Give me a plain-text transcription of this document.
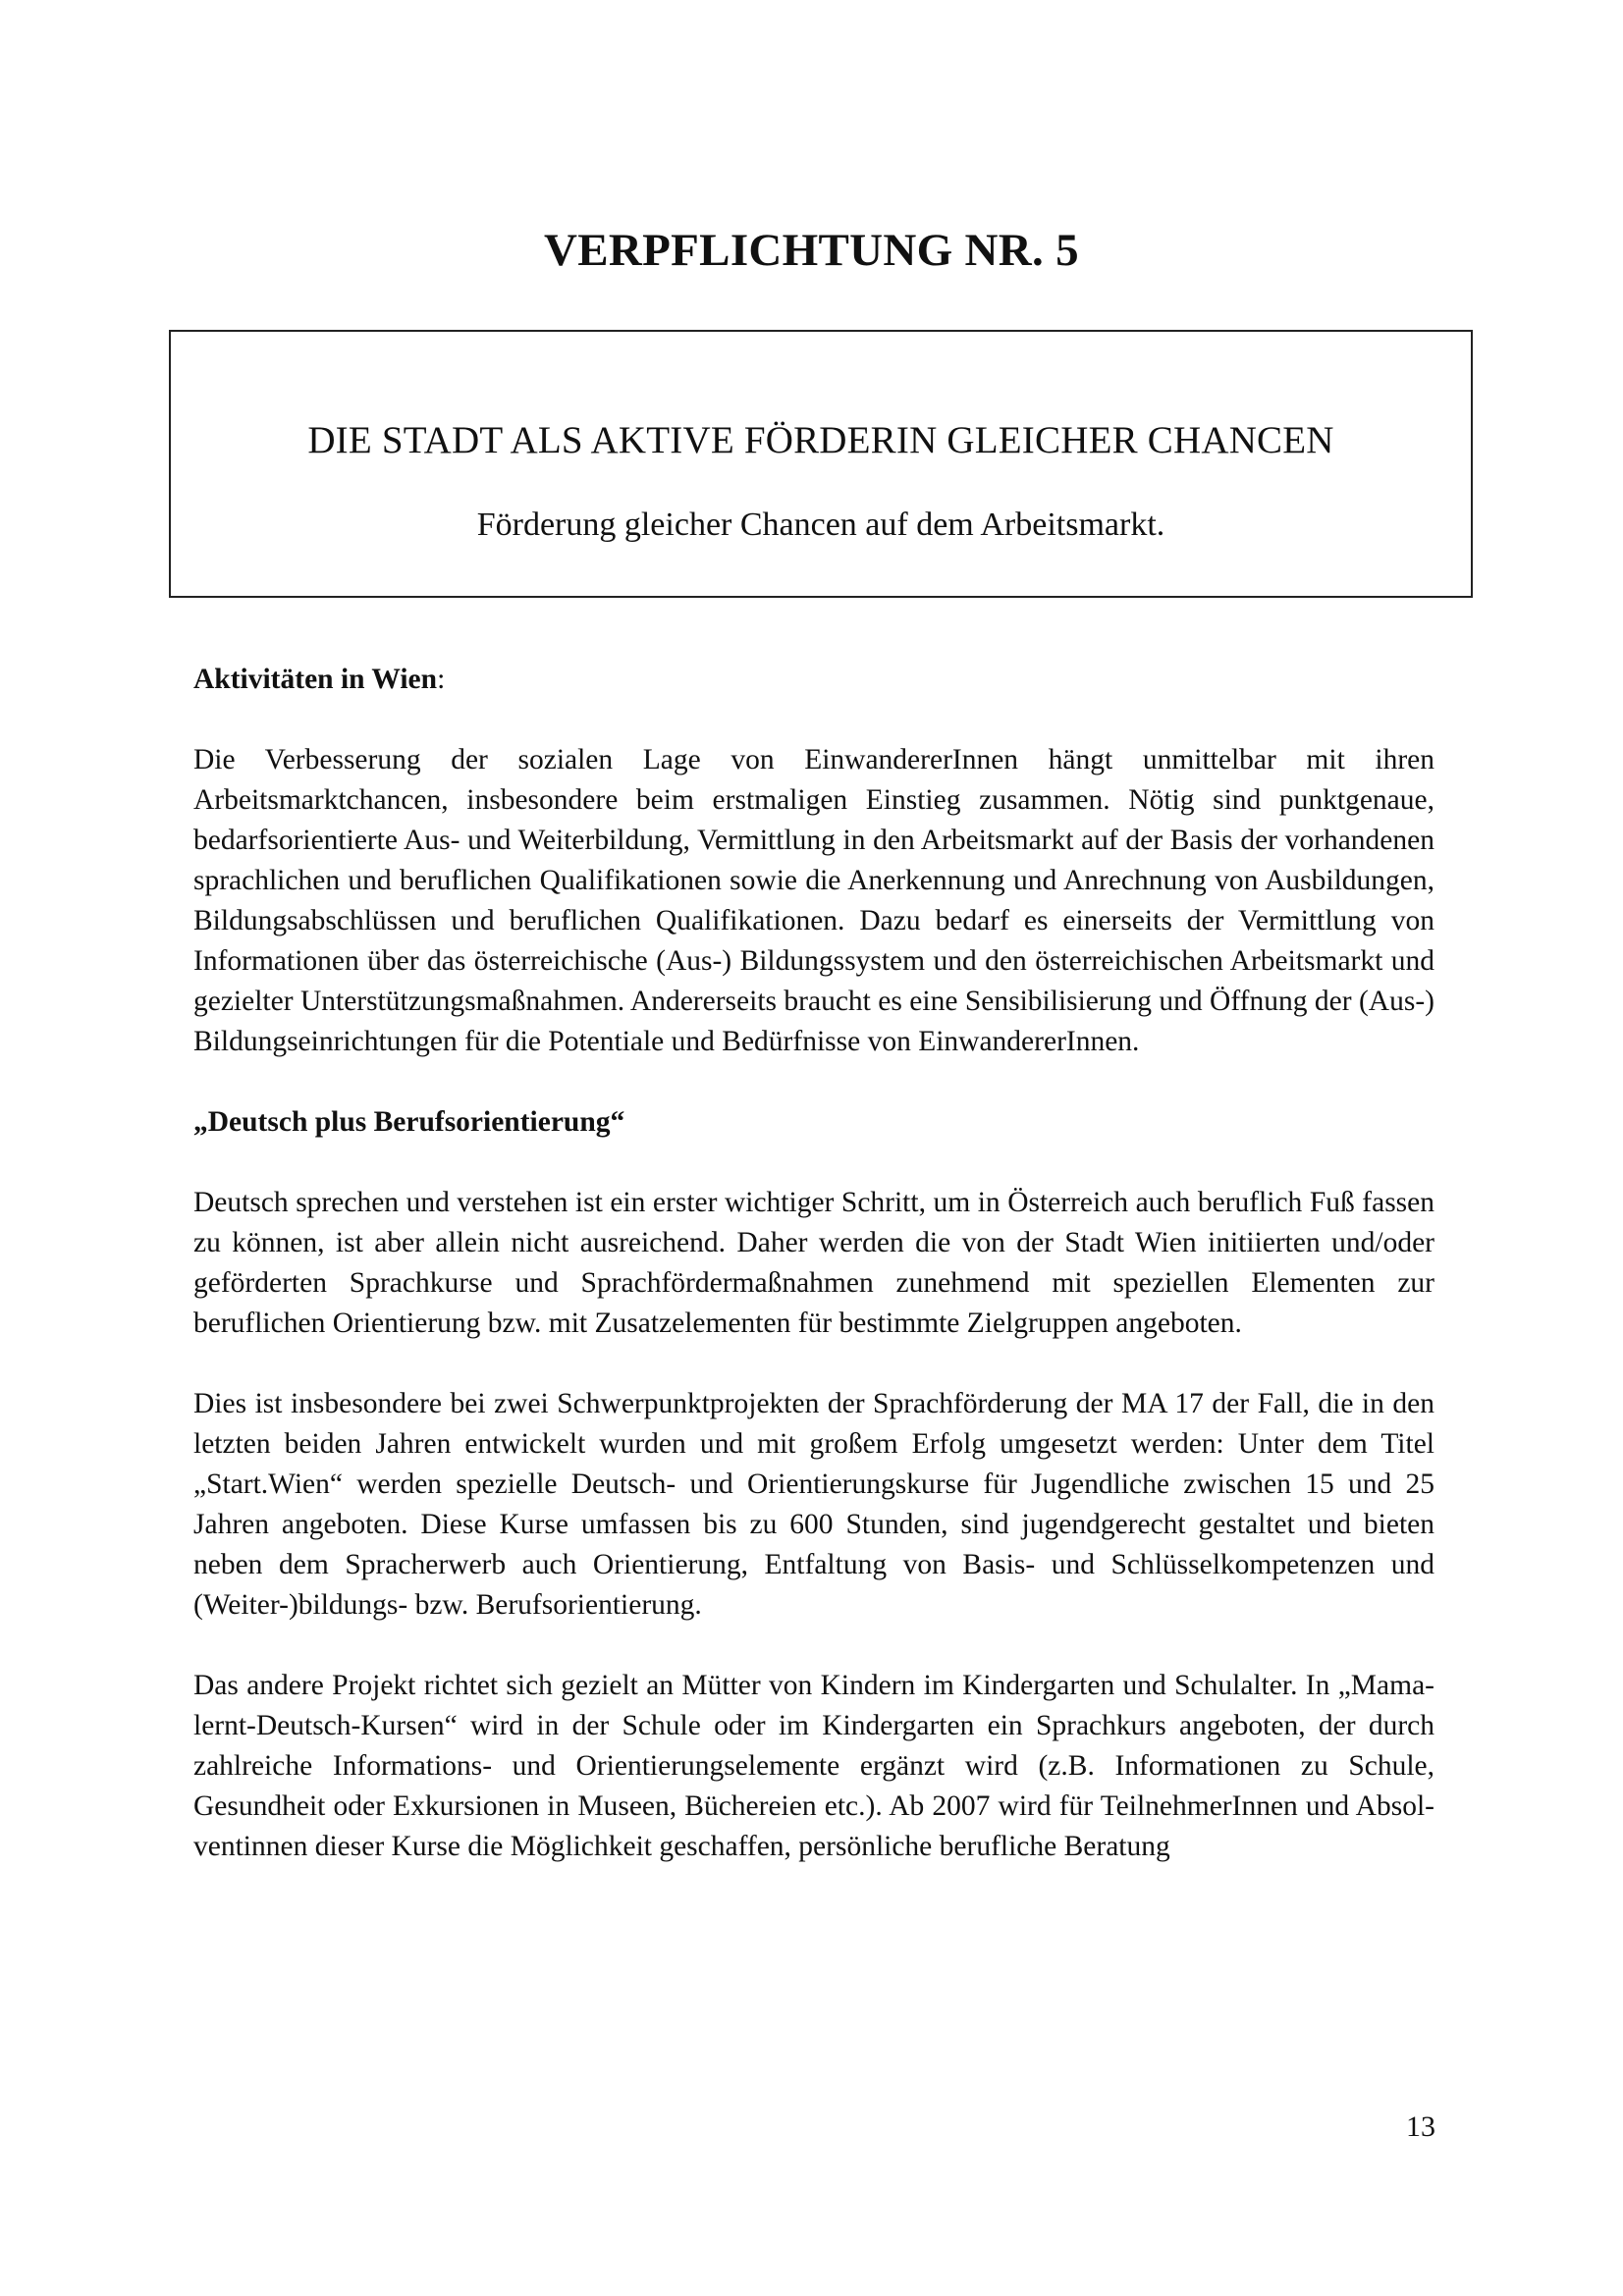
VERPFLICHTUNG NR. 5

DIE STADT ALS AKTIVE FÖRDERIN GLEICHER CHANCEN

Förderung gleicher Chancen auf dem Arbeitsmarkt.

Aktivitäten in Wien:

Die Verbesserung der sozialen Lage von EinwandererInnen hängt unmittelbar mit ihren Arbeitsmarktchancen, insbesondere beim erstmaligen Einstieg zusammen. Nötig sind punktgenaue, bedarfsorientierte Aus- und Weiterbildung, Vermittlung in den Arbeitsmarkt auf der Basis der vorhandenen sprachlichen und beruflichen Qualifikationen sowie die Anerkennung und Anrechnung von Ausbildungen, Bildungsabschlüssen und beruflichen Qualifikationen. Dazu bedarf es einerseits der Vermittlung von Informationen über das österreichische (Aus-) Bildungssystem und den österreichischen Arbeitsmarkt und gezielter Unterstützungsmaßnahmen. Andererseits braucht es eine Sensibilisierung und Öffnung der (Aus-) Bildungseinrichtungen für die Potentiale und Bedürfnisse von EinwandererInnen.

„Deutsch plus Berufsorientierung“

Deutsch sprechen und verstehen ist ein erster wichtiger Schritt, um in Österreich auch beruflich Fuß fassen zu können, ist aber allein nicht ausreichend. Daher werden die von der Stadt Wien initiierten und/oder geförderten Sprachkurse und Sprachfördermaßnahmen zunehmend mit speziellen Elementen zur beruflichen Orientierung bzw. mit Zusatzelementen für bestimmte Zielgruppen angeboten.

Dies ist insbesondere bei zwei Schwerpunktprojekten der Sprachförderung der MA 17 der Fall, die in den letzten beiden Jahren entwickelt wurden und mit großem Erfolg umgesetzt werden: Unter dem Titel „Start.Wien“ werden spezielle Deutsch- und Orientierungskurse für Jugendliche zwischen 15 und 25 Jahren angeboten. Diese Kurse umfassen bis zu 600 Stunden, sind jugendgerecht gestaltet und bieten neben dem Spracherwerb auch Orientierung, Entfaltung von Basis- und Schlüsselkompetenzen und (Weiter-)bildungs- bzw. Berufsorientierung.

Das andere Projekt richtet sich gezielt an Mütter von Kindern im Kindergarten und Schulalter. In „Mama-lernt-Deutsch-Kursen“ wird in der Schule oder im Kindergarten ein Sprachkurs angeboten, der durch zahlreiche Informations- und Orientierungselemente ergänzt wird (z.B. Informationen zu Schule, Gesundheit oder Exkursionen in Museen, Büchereien etc.). Ab 2007 wird für TeilnehmerInnen und Absolventinnen dieser Kurse die Möglichkeit geschaffen, persönliche berufliche Beratung

13
